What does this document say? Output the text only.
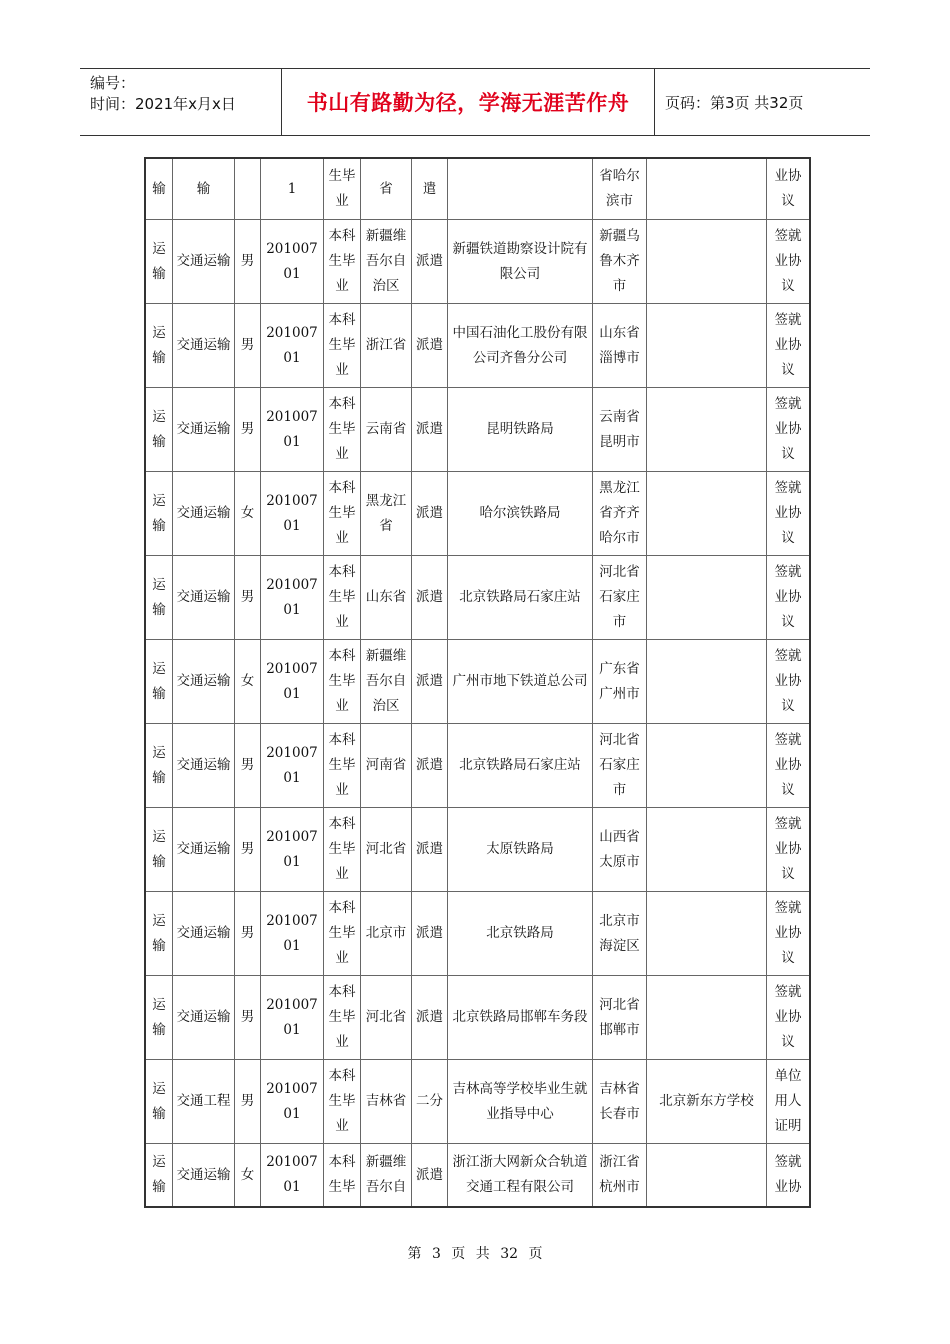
编号：
时间：2021年x月x日	书山有路勤为径，学海无涯苦作舟	页码：第3页 共32页
输	输		1	生毕业	省	遣		省哈尔滨市		业协议
运输	交通运输	男	20100701	本科生毕业	新疆维吾尔自治区	派遣	新疆铁道勘察设计院有限公司	新疆乌鲁木齐市		签就业协议
运输	交通运输	男	20100701	本科生毕业	浙江省	派遣	中国石油化工股份有限公司齐鲁分公司	山东省淄博市		签就业协议
运输	交通运输	男	20100701	本科生毕业	云南省	派遣	昆明铁路局	云南省昆明市		签就业协议
运输	交通运输	女	20100701	本科生毕业	黑龙江省	派遣	哈尔滨铁路局	黑龙江省齐齐哈尔市		签就业协议
运输	交通运输	男	20100701	本科生毕业	山东省	派遣	北京铁路局石家庄站	河北省石家庄市		签就业协议
运输	交通运输	女	20100701	本科生毕业	新疆维吾尔自治区	派遣	广州市地下铁道总公司	广东省广州市		签就业协议
运输	交通运输	男	20100701	本科生毕业	河南省	派遣	北京铁路局石家庄站	河北省石家庄市		签就业协议
运输	交通运输	男	20100701	本科生毕业	河北省	派遣	太原铁路局	山西省太原市		签就业协议
运输	交通运输	男	20100701	本科生毕业	北京市	派遣	北京铁路局	北京市海淀区		签就业协议
运输	交通运输	男	20100701	本科生毕业	河北省	派遣	北京铁路局邯郸车务段	河北省邯郸市		签就业协议
运输	交通工程	男	20100701	本科生毕业	吉林省	二分	吉林高等学校毕业生就业指导中心	吉林省长春市	北京新东方学校	单位用人证明
运输	交通运输	女	20100701	本科生毕	新疆维吾尔自	派遣	浙江浙大网新众合轨道交通工程有限公司	浙江省杭州市		签就业协
第 3 页 共 32 页
